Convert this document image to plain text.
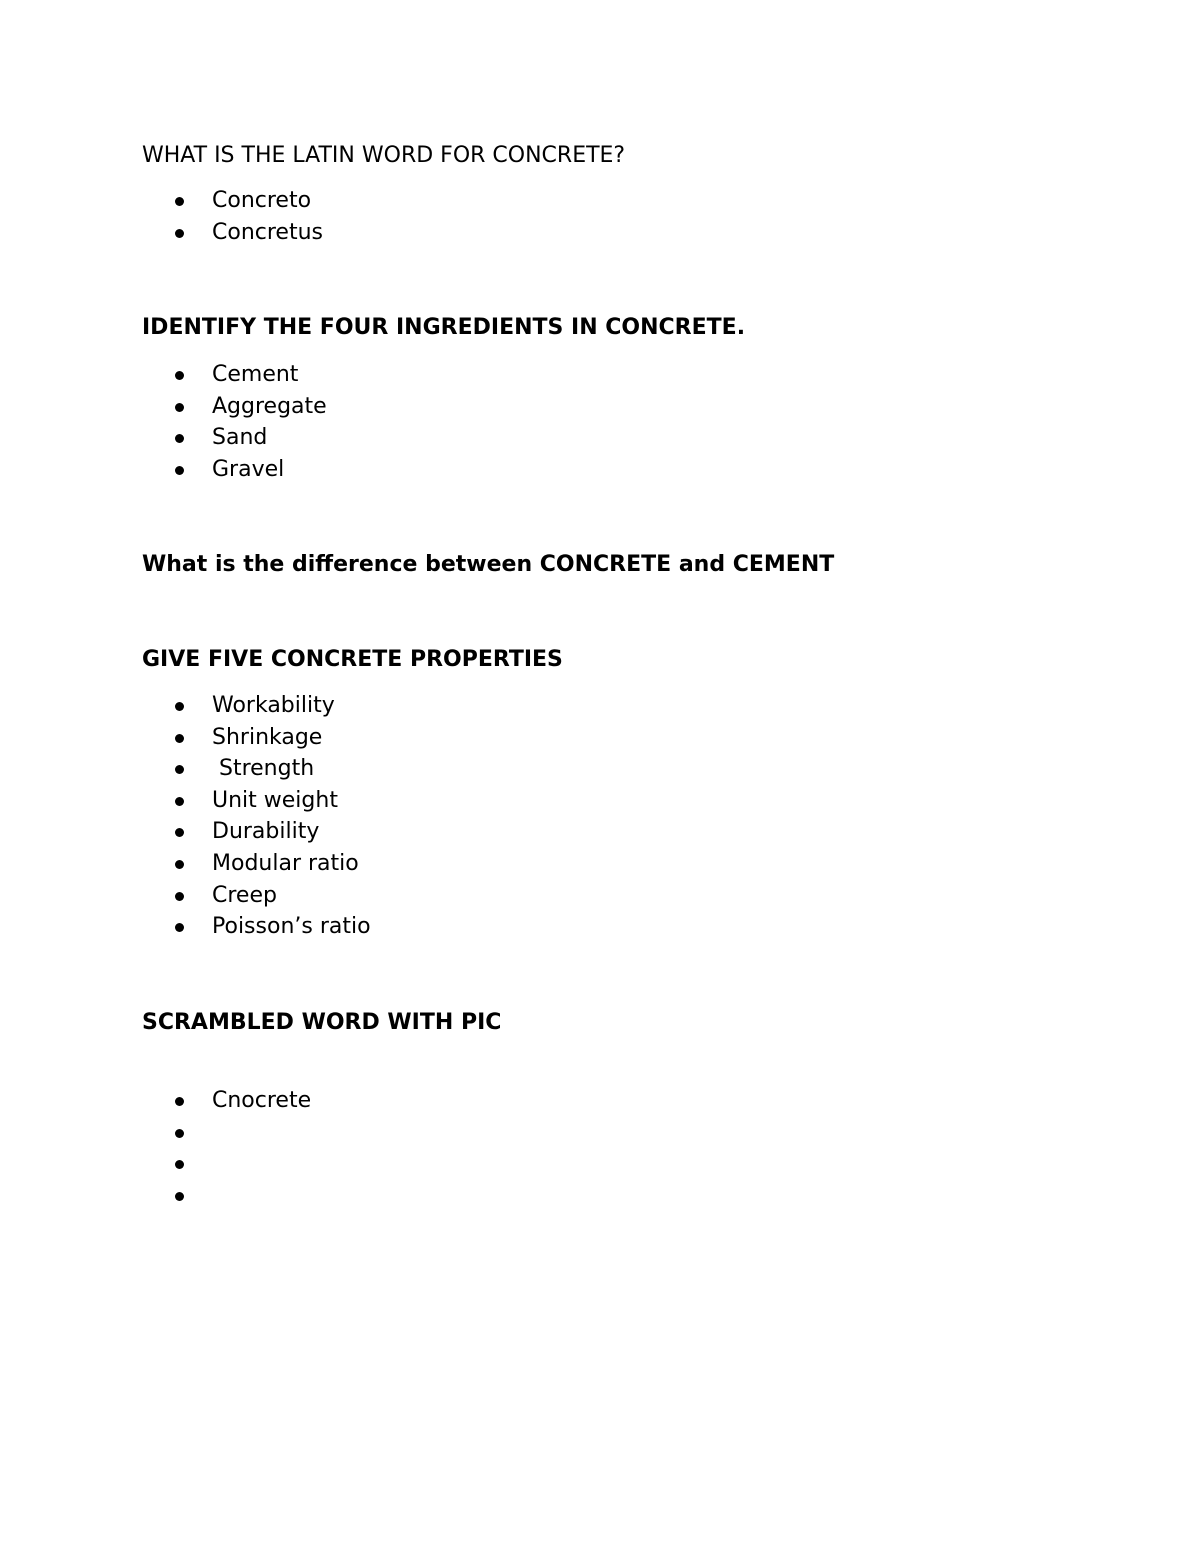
WHAT IS THE LATIN WORD FOR CONCRETE?

Concreto

Concretus

IDENTIFY THE FOUR INGREDIENTS IN CONCRETE.

Cement

Aggregate

Sand

Gravel

What is the difference between CONCRETE and CEMENT
GIVE FIVE CONCRETE PROPERTIES

Workability

Shrinkage

Strength

Unit weight

Durability

Modular ratio

Creep

Poisson’s ratio

SCRAMBLED WORD WITH PIC

Cnocrete
